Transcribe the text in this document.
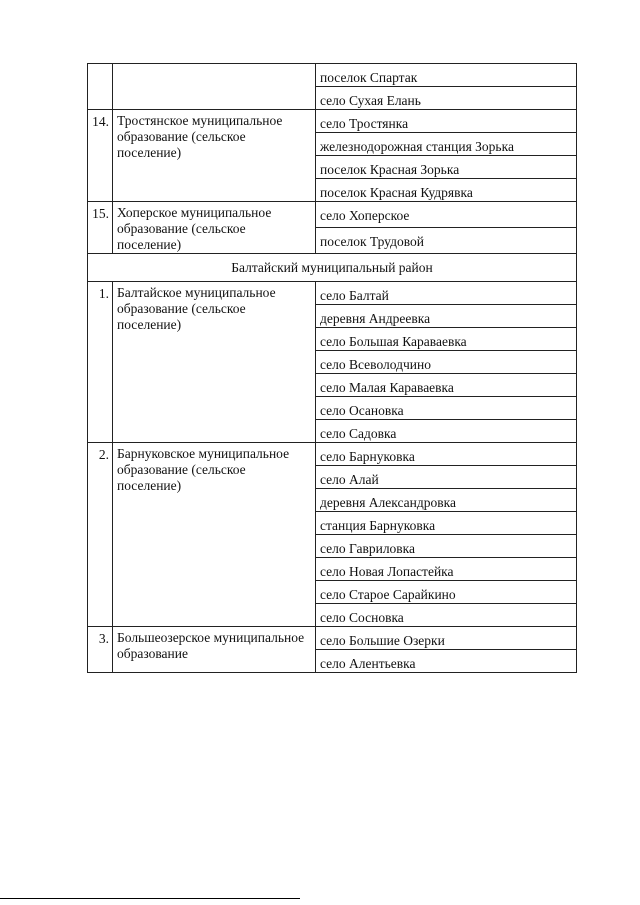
		поселок Спартак
		село Сухая Елань
14.	Тростянское муниципальное образование (сельское поселение)	село Тростянка
		железнодорожная станция Зорька
		поселок Красная Зорька
		поселок Красная Кудрявка
15.	Хоперское муниципальное образование (сельское поселение)	село Хоперское
		поселок Трудовой
Балтайский муниципальный район		
1.	Балтайское муниципальное образование (сельское поселение)	село Балтай
		деревня Андреевка
		село Большая Караваевка
		село Всеволодчино
		село Малая Караваевка
		село Осановка
		село Садовка
2.	Барнуковское муниципальное образование (сельское поселение)	село Барнуковка
		село Алай
		деревня Александровка
		станция Барнуковка
		село Гавриловка
		село Новая Лопастейка
		село Старое Сарайкино
		село Сосновка
3.	Большеозерское муниципальное образование	село Большие Озерки
		село Алентьевка
